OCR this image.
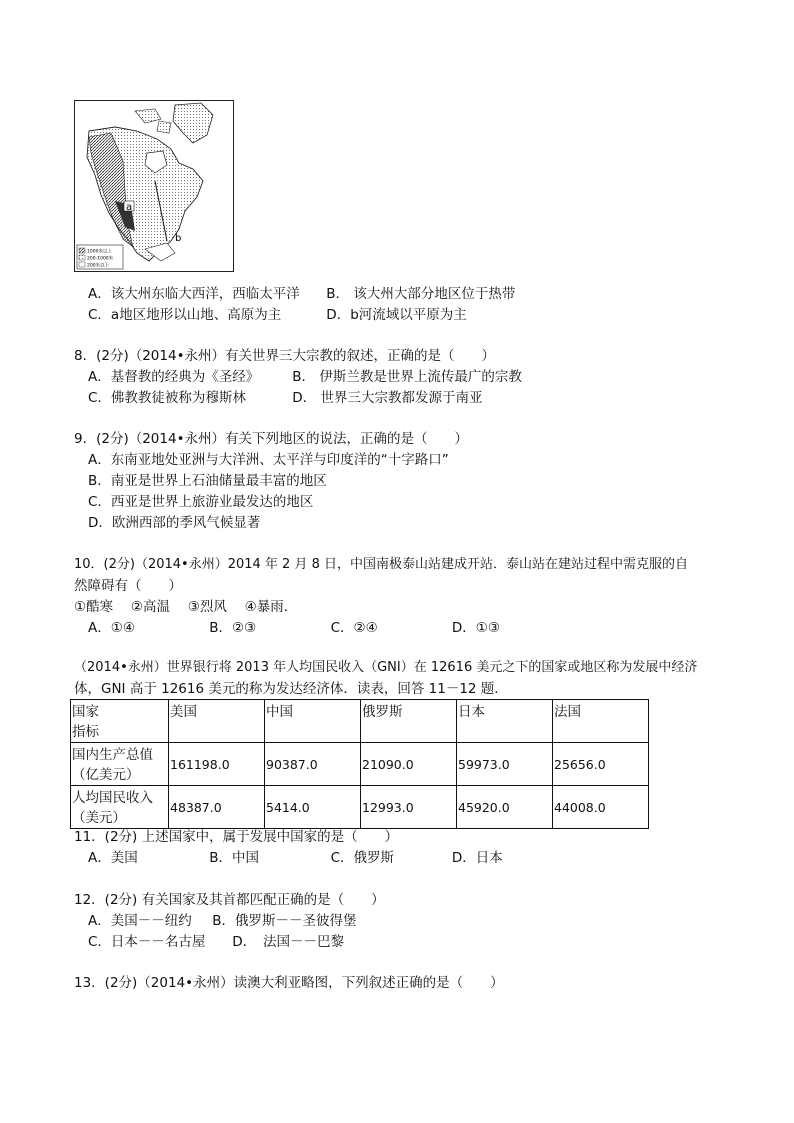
1000米以上
200-1000米
200米以下
a
b
A．该大州东临大西洋，西临太平洋 B． 该大州大部分地区位于热带
C．a地区地形以山地、高原为主	D．b河流域以平原为主
8．(2分)（2014•永州）有关世界三大宗教的叙述，正确的是（　　）
A．基督教的经典为《圣经》 B． 伊斯兰教是世界上流传最广的宗教
C．佛教教徒被称为穆斯林	D． 世界三大宗教都发源于南亚
9．(2分)（2014•永州）有关下列地区的说法，正确的是（　　）
A．东南亚地处亚洲与大洋洲、太平洋与印度洋的“十字路口”
B．南亚是世界上石油储量最丰富的地区
C．西亚是世界上旅游业最发达的地区
D．欧洲西部的季风气候显著
10．(2分)（2014•永州）2014 年 2 月 8 日，中国南极泰山站建成开站．泰山站在建站过程中需克服的自
然障碍有（　　）
①酷寒　 ②高温　 ③烈风　 ④暴雨．
A．①④	B．②③	C．②④	D．①③
（2014•永州）世界银行将 2013 年人均国民收入（GNI）在 12616 美元之下的国家或地区称为发展中经济
体，GNI 高于 12616 美元的称为发达经济体．读表，回答 11－12 题．
国家
指标	美国	中国	俄罗斯	日本	法国

国内生产总值
（亿美元）	161198.0	90387.0	21090.0	59973.0	25656.0

人均国民收入
（美元）	48387.0	5414.0	12993.0	45920.0	44008.0
11．(2分) 上述国家中，属于发展中国家的是（　　）
A．美国	B．中国	C．俄罗斯	D．日本
12．(2分) 有关国家及其首都匹配正确的是（　　）
A．美国－－纽约 B．俄罗斯－－圣彼得堡
C．日本－－名古屋 D．　法国－－巴黎
13．(2分)（2014•永州）读澳大利亚略图，下列叙述正确的是（　　）
